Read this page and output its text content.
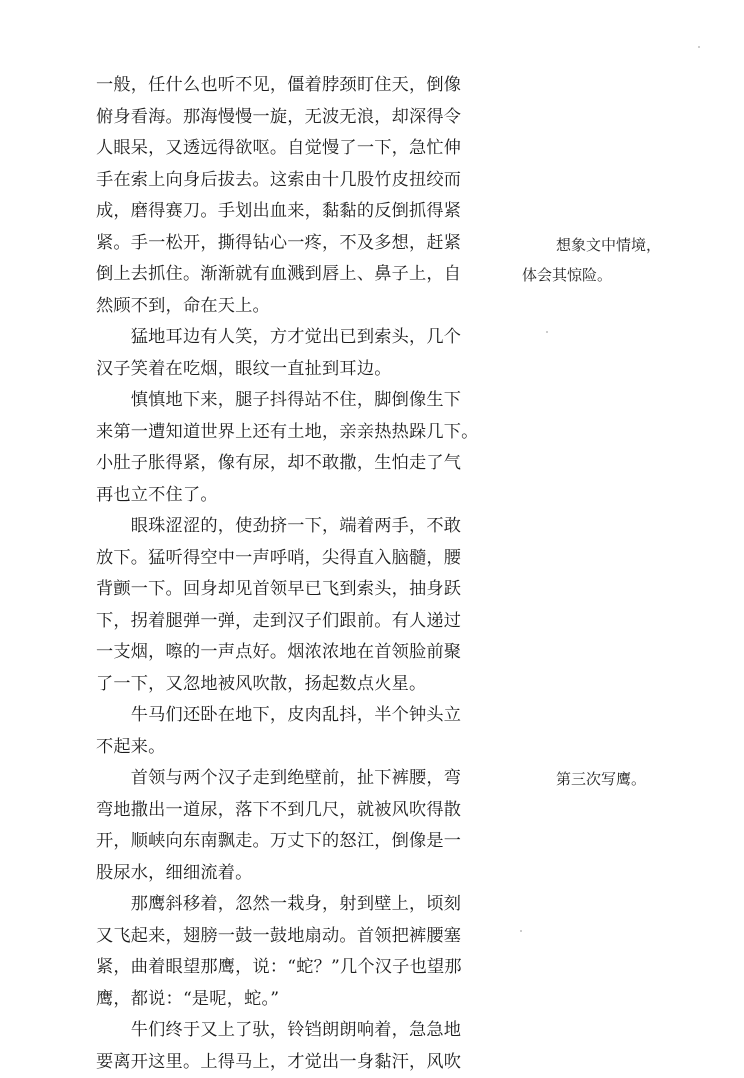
一般，任什么也听不见，僵着脖颈盯住天，倒像
俯身看海。那海慢慢一旋，无波无浪，却深得令
人眼呆，又透远得欲呕。自觉慢了一下，急忙伸
手在索上向身后拔去。这索由十几股竹皮扭绞而
成，磨得赛刀。手划出血来，黏黏的反倒抓得紧
紧。手一松开，撕得钻心一疼，不及多想，赶紧
倒上去抓住。渐渐就有血溅到唇上、鼻子上，自
然顾不到，命在天上。
　　猛地耳边有人笑，方才觉出已到索头，几个
汉子笑着在吃烟，眼纹一直扯到耳边。
　　慎慎地下来，腿子抖得站不住，脚倒像生下
来第一遭知道世界上还有土地，亲亲热热跺几下。
小肚子胀得紧，像有尿，却不敢撒，生怕走了气
再也立不住了。
　　眼珠涩涩的，使劲挤一下，端着两手，不敢
放下。猛听得空中一声呼哨，尖得直入脑髓，腰
背颤一下。回身却见首领早已飞到索头，抽身跃
下，拐着腿弹一弹，走到汉子们跟前。有人递过
一支烟，嚓的一声点好。烟浓浓地在首领脸前聚
了一下，又忽地被风吹散，扬起数点火星。
　　牛马们还卧在地下，皮肉乱抖，半个钟头立
不起来。
　　首领与两个汉子走到绝壁前，扯下裤腰，弯
弯地撒出一道尿，落下不到几尺，就被风吹得散
开，顺峡向东南飘走。万丈下的怒江，倒像是一
股尿水，细细流着。
　　那鹰斜移着，忽然一栽身，射到壁上，顷刻
又飞起来，翅膀一鼓一鼓地扇动。首领把裤腰塞
紧，曲着眼望那鹰，说：“蛇？”几个汉子也望那
鹰，都说：“是呢，蛇。”
　　牛们终于又上了驮，铃铛朗朗响着，急急地
要离开这里。上得马上，才觉出一身黏汗，风吹
想象文中情境，
体会其惊险。
第三次写鹰。
